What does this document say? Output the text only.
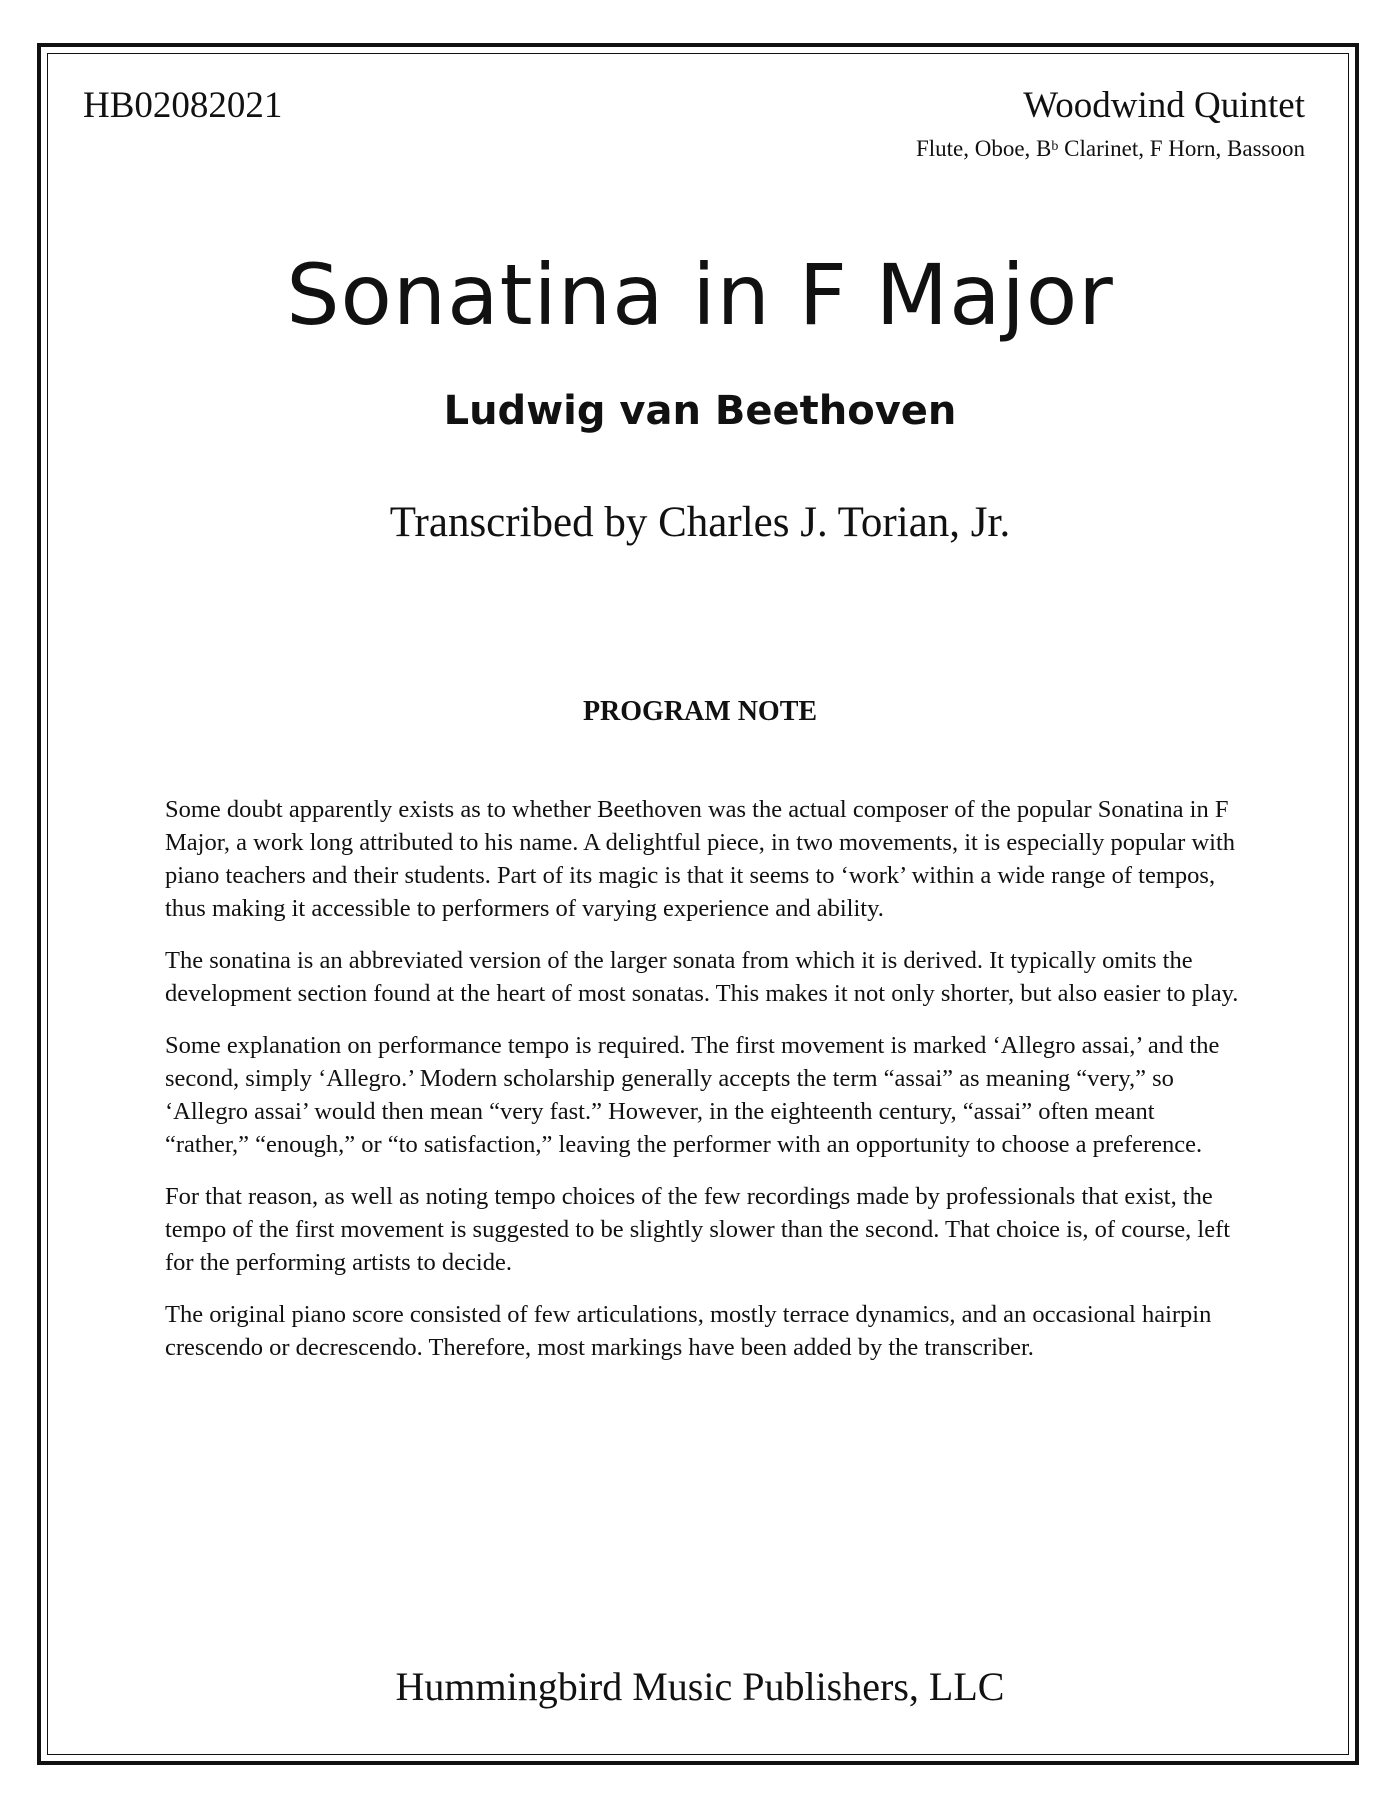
HB02082021	Woodwind Quintet
Flute, Oboe, $B^b$ Clarinet, F Horn, Bassoon
Sonatina in F Major
Ludwig van Beethoven
Transcribed by Charles J. Torian, Jr.
PROGRAM NOTE

Some doubt apparently exists as to whether Beethoven was the actual composer of the popular Sonatina in F Major, a work long attributed to his name. A delightful piece, in two movements, it is especially popular with piano teachers and their students. Part of its magic is that it seems to ‘work’ within a wide range of tempos, thus making it accessible to performers of varying experience and ability.

The sonatina is an abbreviated version of the larger sonata from which it is derived. It typically omits the development section found at the heart of most sonatas. This makes it not only shorter, but also easier to play.

Some explanation on performance tempo is required. The first movement is marked ‘Allegro assai,’ and the second, simply ‘Allegro.’ Modern scholarship generally accepts the term “assai” as meaning “very,” so ‘Allegro assai’ would then mean “very fast.” However, in the eighteenth century, “assai” often meant “rather,” “enough,” or “to satisfaction,” leaving the performer with an opportunity to choose a preference.

For that reason, as well as noting tempo choices of the few recordings made by professionals that exist, the tempo of the first movement is suggested to be slightly slower than the second. That choice is, of course, left for the performing artists to decide.

The original piano score consisted of few articulations, mostly terrace dynamics, and an occasional hairpin crescendo or decrescendo. Therefore, most markings have been added by the transcriber.

Hummingbird Music Publishers, LLC
